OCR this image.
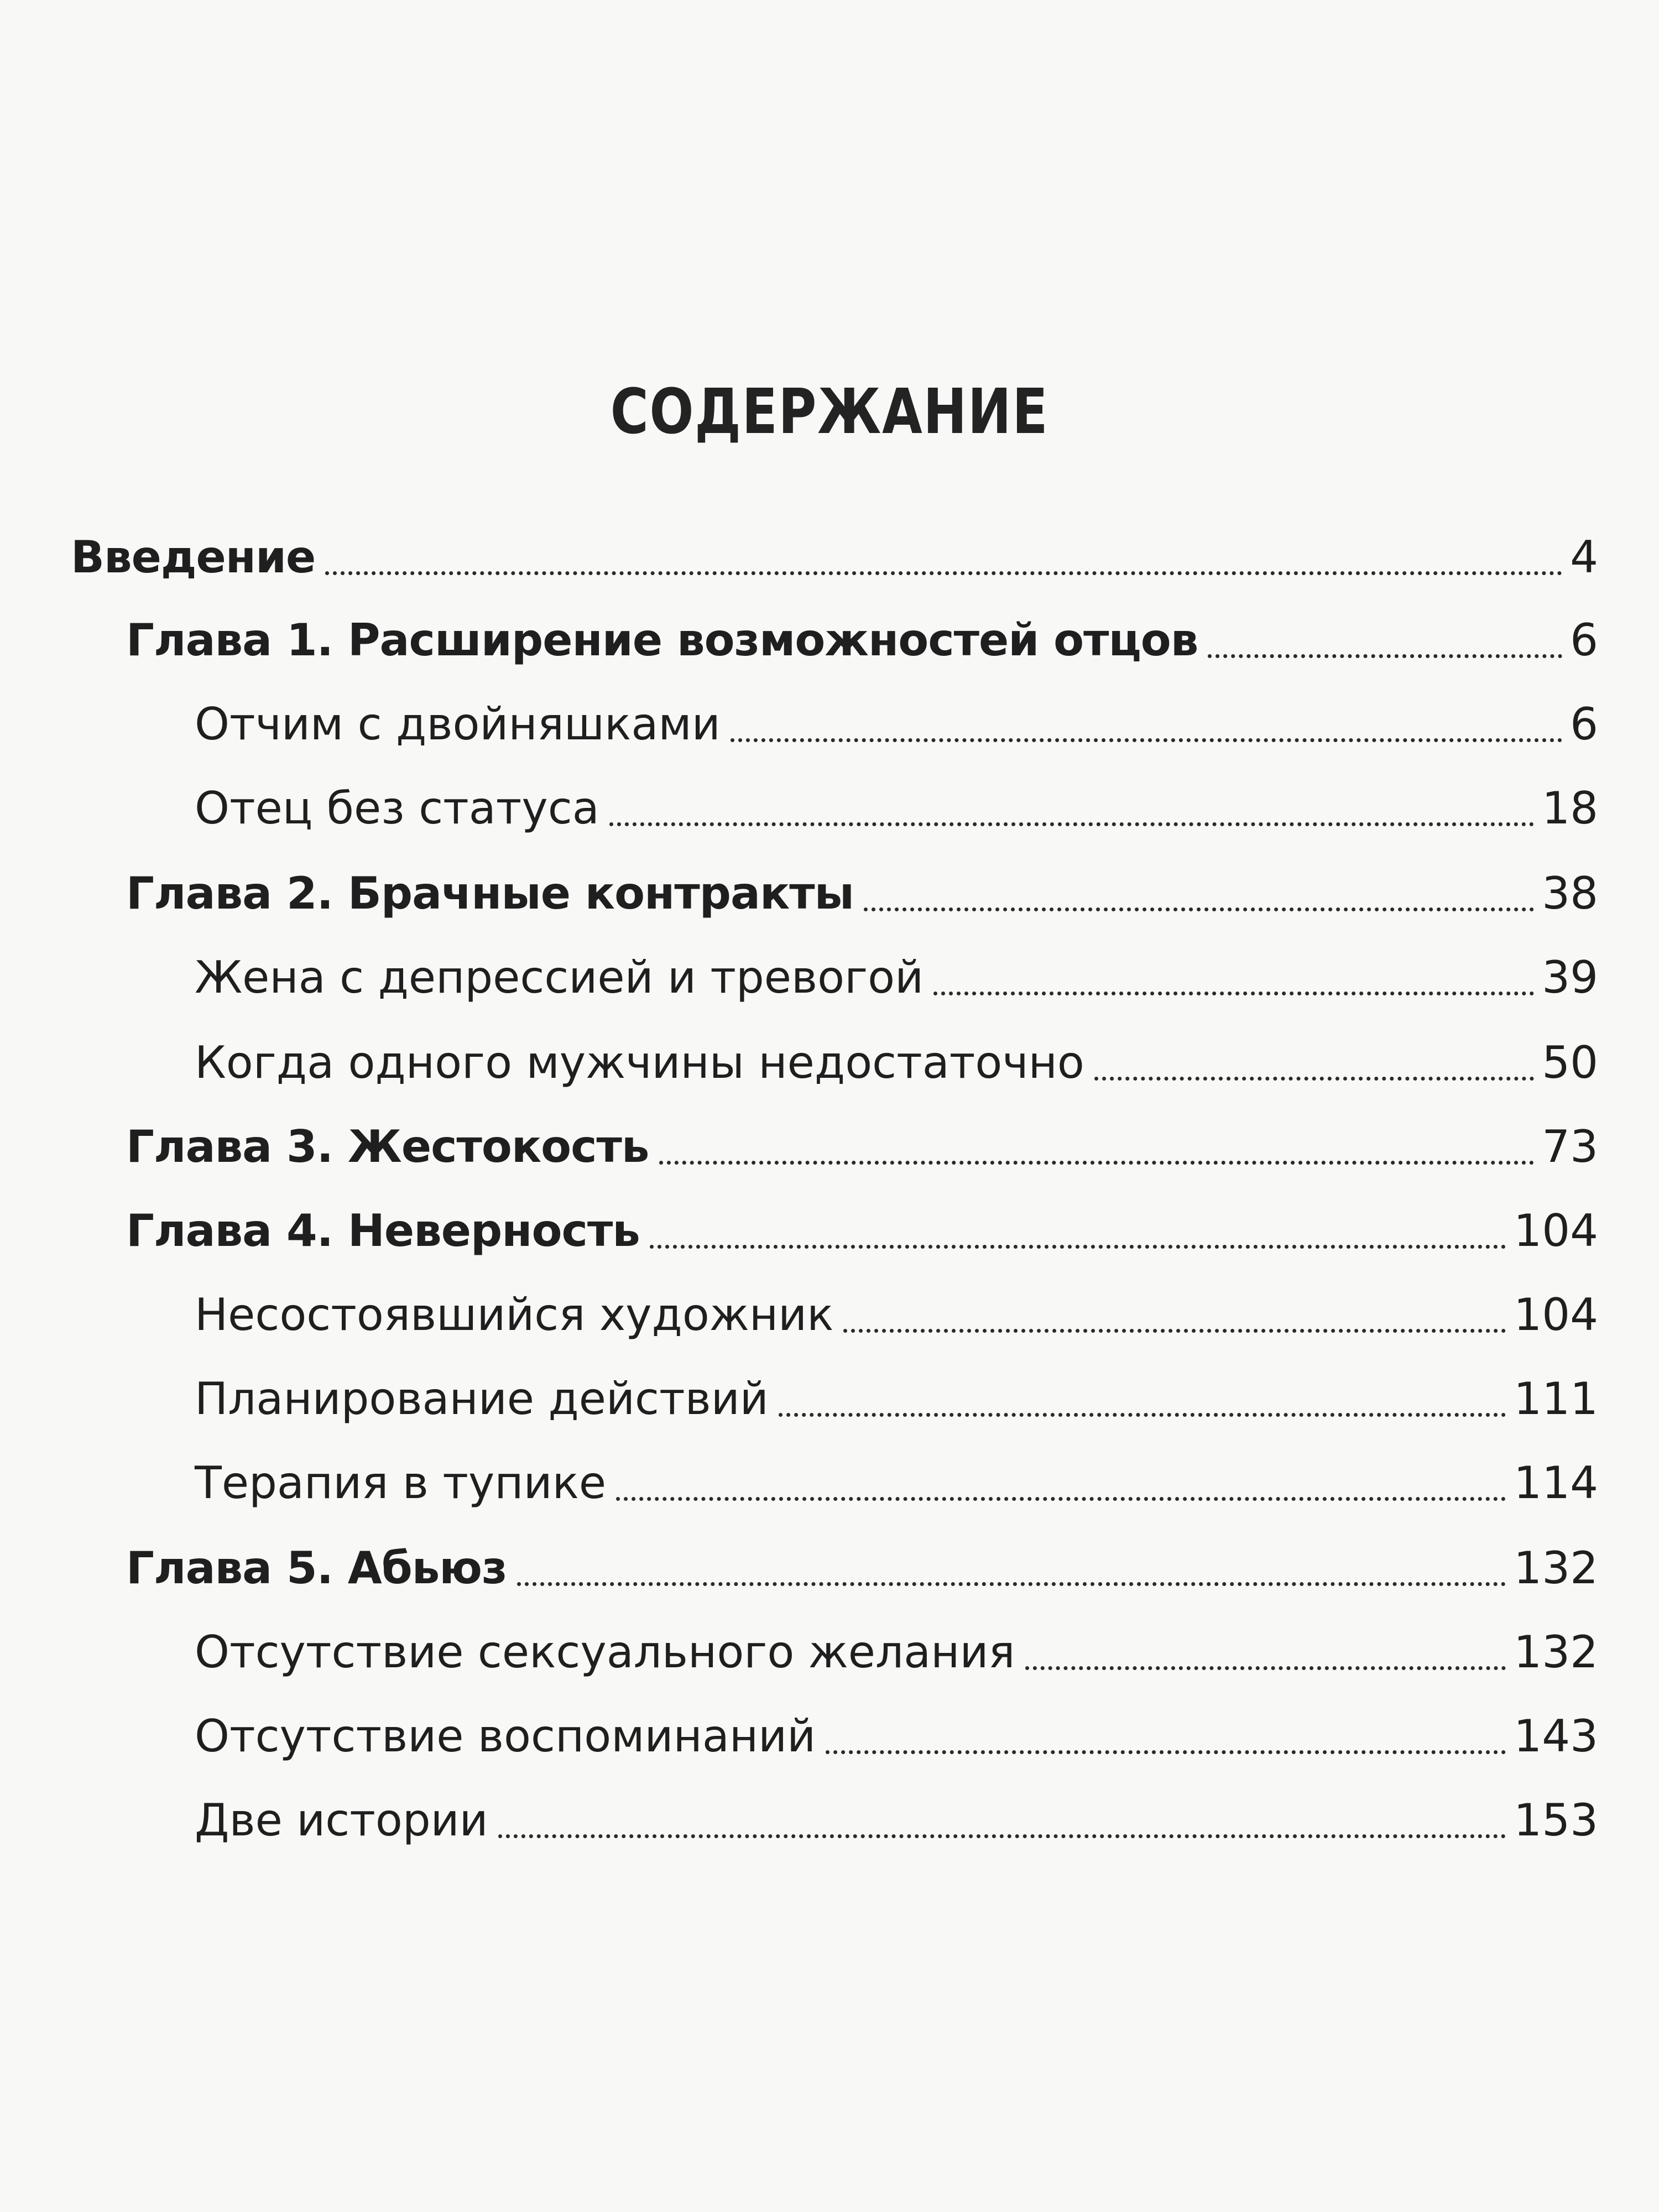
СОДЕРЖАНИЕ
Введение	4
Глава 1. Расширение возможностей отцов	6
Отчим с двойняшками	6
Отец без статуса	18
Глава 2. Брачные контракты	38
Жена с депрессией и тревогой	39
Когда одного мужчины недостаточно	50
Глава 3. Жестокость	73
Глава 4. Неверность	104
Несостоявшийся художник	104
Планирование действий	111
Терапия в тупике	114
Глава 5. Абьюз	132
Отсутствие сексуального желания	132
Отсутствие воспоминаний	143
Две истории	153
